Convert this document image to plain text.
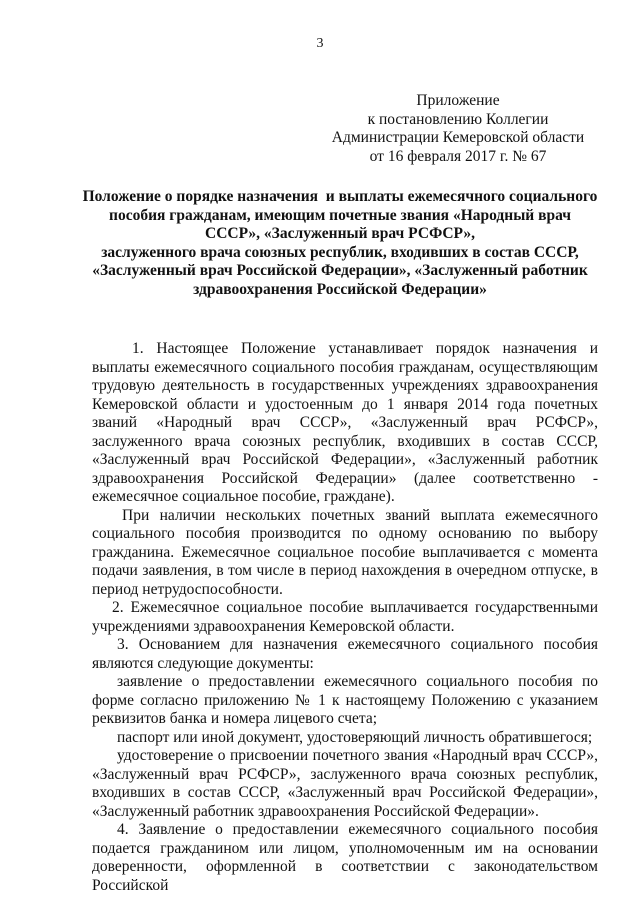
3
Приложение
к постановлению Коллегии
Администрации Кемеровской области
от 16 февраля 2017 г. № 67
Положение о порядке назначения  и выплаты ежемесячного социального
пособия гражданам, имеющим почетные звания «Народный врач
СССР», «Заслуженный врач РСФСР»,
заслуженного врача союзных республик, входивших в состав СССР,
«Заслуженный врач Российской Федерации», «Заслуженный работник
здравоохранения Российской Федерации»

1. Настоящее Положение устанавливает порядок назначения и выплаты ежемесячного социального пособия гражданам, осуществляющим трудовую деятельность в государственных учреждениях здравоохранения Кемеровской области и удостоенным до 1 января 2014 года почетных званий «Народный врач СССР», «Заслуженный врач РСФСР», заслуженного врача союзных республик, входивших в состав СССР, «Заслуженный врач Российской Федерации», «Заслуженный работник здравоохранения Российской Федерации» (далее соответственно - ежемесячное социальное пособие, граждане).

При наличии нескольких почетных званий выплата ежемесячного социального пособия производится по одному основанию по выбору гражданина. Ежемесячное социальное пособие выплачивается с момента подачи заявления, в том числе в период нахождения в очередном отпуске, в период нетрудоспособности.

2. Ежемесячное социальное пособие выплачивается государственными учреждениями здравоохранения Кемеровской области.

3. Основанием для назначения ежемесячного социального пособия являются следующие документы:

заявление о предоставлении ежемесячного социального пособия по форме согласно приложению № 1 к настоящему Положению с указанием реквизитов банка и номера лицевого счета;

паспорт или иной документ, удостоверяющий личность обратившегося;

удостоверение о присвоении почетного звания «Народный врач СССР», «Заслуженный врач РСФСР», заслуженного врача союзных республик, входивших в состав СССР, «Заслуженный врач Российской Федерации», «Заслуженный работник здравоохранения Российской Федерации».

4. Заявление о предоставлении ежемесячного социального пособия подается гражданином или лицом, уполномоченным им на основании доверенности, оформленной в соответствии с законодательством Российской
